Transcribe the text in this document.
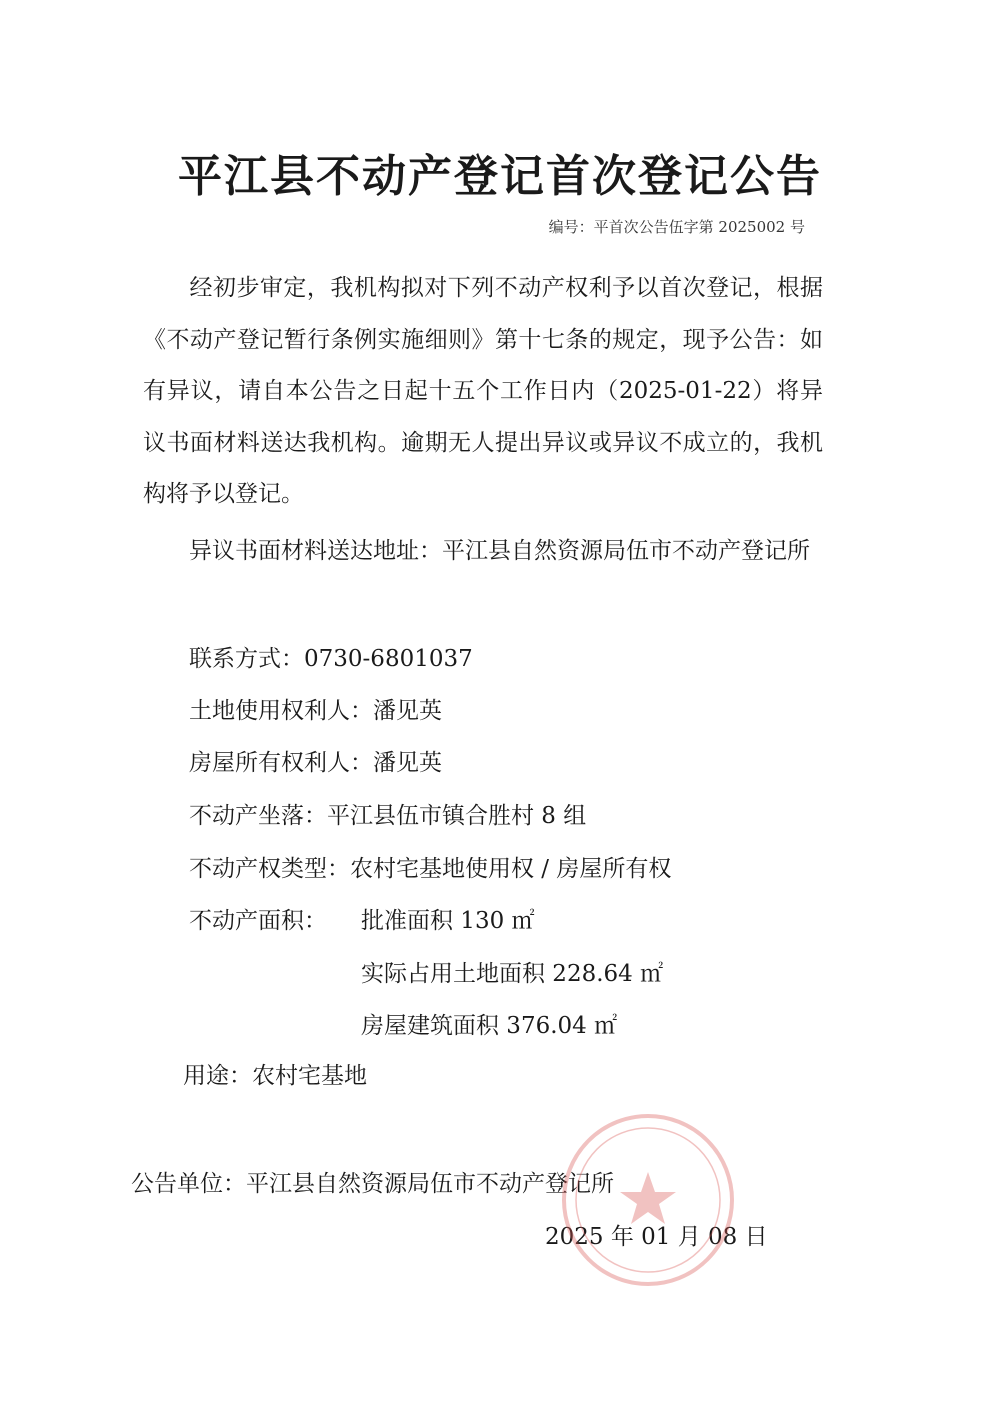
平江县不动产登记首次登记公告
编号：平首次公告伍字第 2025002 号
经初步审定，我机构拟对下列不动产权利予以首次登记，根据《不动产登记暂行条例实施细则》第十七条的规定，现予公告：如有异议，请自本公告之日起十五个工作日内（2025-01-22）将异议书面材料送达我机构。逾期无人提出异议或异议不成立的，我机构将予以登记。
异议书面材料送达地址：平江县自然资源局伍市不动产登记所
联系方式：0730-6801037
土地使用权利人：潘见英
房屋所有权利人：潘见英
不动产坐落：平江县伍市镇合胜村 8 组
不动产权类型：农村宅基地使用权 / 房屋所有权
不动产面积： 批准面积 130 ㎡
实际占用土地面积 228.64 ㎡
房屋建筑面积 376.04 ㎡
用途：农村宅基地
公告单位：平江县自然资源局伍市不动产登记所
2025 年 01 月 08 日
